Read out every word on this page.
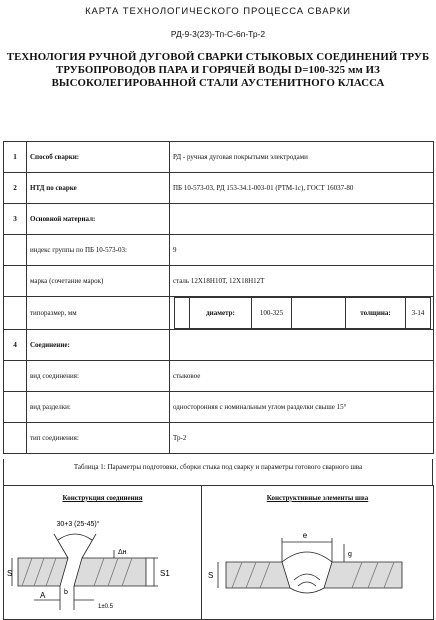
КАРТА ТЕХНОЛОГИЧЕСКОГО ПРОЦЕССА СВАРКИ
РД-9-3(23)-Тп-С-6п-Тр-2
ТЕХНОЛОГИЯ РУЧНОЙ ДУГОВОЙ СВАРКИ СТЫКОВЫХ СОЕДИНЕНИЙ ТРУБ ТРУБОПРОВОДОВ ПАРА И ГОРЯЧЕЙ ВОДЫ D=100-325 мм ИЗ ВЫСОКОЛЕГИРОВАННОЙ СТАЛИ АУСТЕНИТНОГО КЛАССА
1	Способ сварки:	РД - ручная дуговая покрытыми электродами
2	НТД по сварке	ПБ 10-573-03, РД 153-34.1-003-01 (РТМ-1с), ГОСТ 16037-80
3	Основной материал:	
	индекс группы по ПБ 10-573-03:	9
	марка (сочетание марок)	сталь 12Х18Н10Т, 12Х18Н12Т
	типоразмер, мм	
		диаметр:	100-325		толщина:	3-14

4	Соединение:	
	вид соединения:	стыковое
	вид разделки:	односторонняя с номинальным углом разделки свыше 15°
	тип соединения:	Тр-2
Таблица 1: Параметры подготовки, сборки стыка под сварку и параметры готового сварного шва
Конструкция соединения
30+3 (25-45)°
Δн
S	S1
A	b
1±0.5

Конструктивные элементы шва
e
g
S
